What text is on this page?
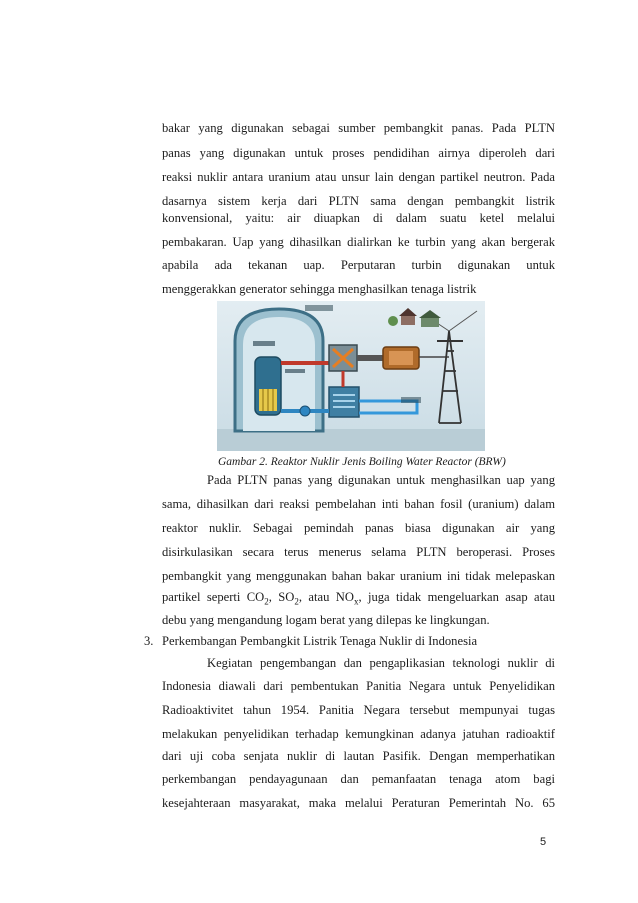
bakar yang digunakan sebagai sumber pembangkit panas. Pada PLTN
panas yang digunakan untuk proses pendidihan airnya diperoleh dari
reaksi nuklir antara uranium atau unsur lain dengan partikel neutron. Pada
dasarnya sistem kerja dari PLTN sama dengan pembangkit listrik
konvensional, yaitu: air diuapkan di dalam suatu ketel melalui
pembakaran. Uap yang dihasilkan dialirkan ke turbin yang akan bergerak
apabila ada tekanan uap. Perputaran turbin digunakan untuk
menggerakkan generator sehingga menghasilkan tenaga listrik
Gambar 2. Reaktor Nuklir Jenis Boiling Water Reactor (BRW)
Pada PLTN panas yang digunakan untuk menghasilkan uap yang
sama, dihasilkan dari reaksi pembelahan inti bahan fosil (uranium) dalam
reaktor nuklir. Sebagai pemindah panas biasa digunakan air yang
disirkulasikan secara terus menerus selama PLTN beroperasi. Proses
pembangkit yang menggunakan bahan bakar uranium ini tidak melepaskan
partikel seperti $CO_2$, $SO_2$, atau $NO_x$, juga tidak mengeluarkan asap atau
debu yang mengandung logam berat yang dilepas ke lingkungan.
3. Perkembangan Pembangkit Listrik Tenaga Nuklir di Indonesia
Kegiatan pengembangan dan pengaplikasian teknologi nuklir di
Indonesia diawali dari pembentukan Panitia Negara untuk Penyelidikan
Radioaktivitet tahun 1954. Panitia Negara tersebut mempunyai tugas
melakukan penyelidikan terhadap kemungkinan adanya jatuhan radioaktif
dari uji coba senjata nuklir di lautan Pasifik. Dengan memperhatikan
perkembangan pendayagunaan dan pemanfaatan tenaga atom bagi
kesejahteraan masyarakat, maka melalui Peraturan Pemerintah No. 65
5
